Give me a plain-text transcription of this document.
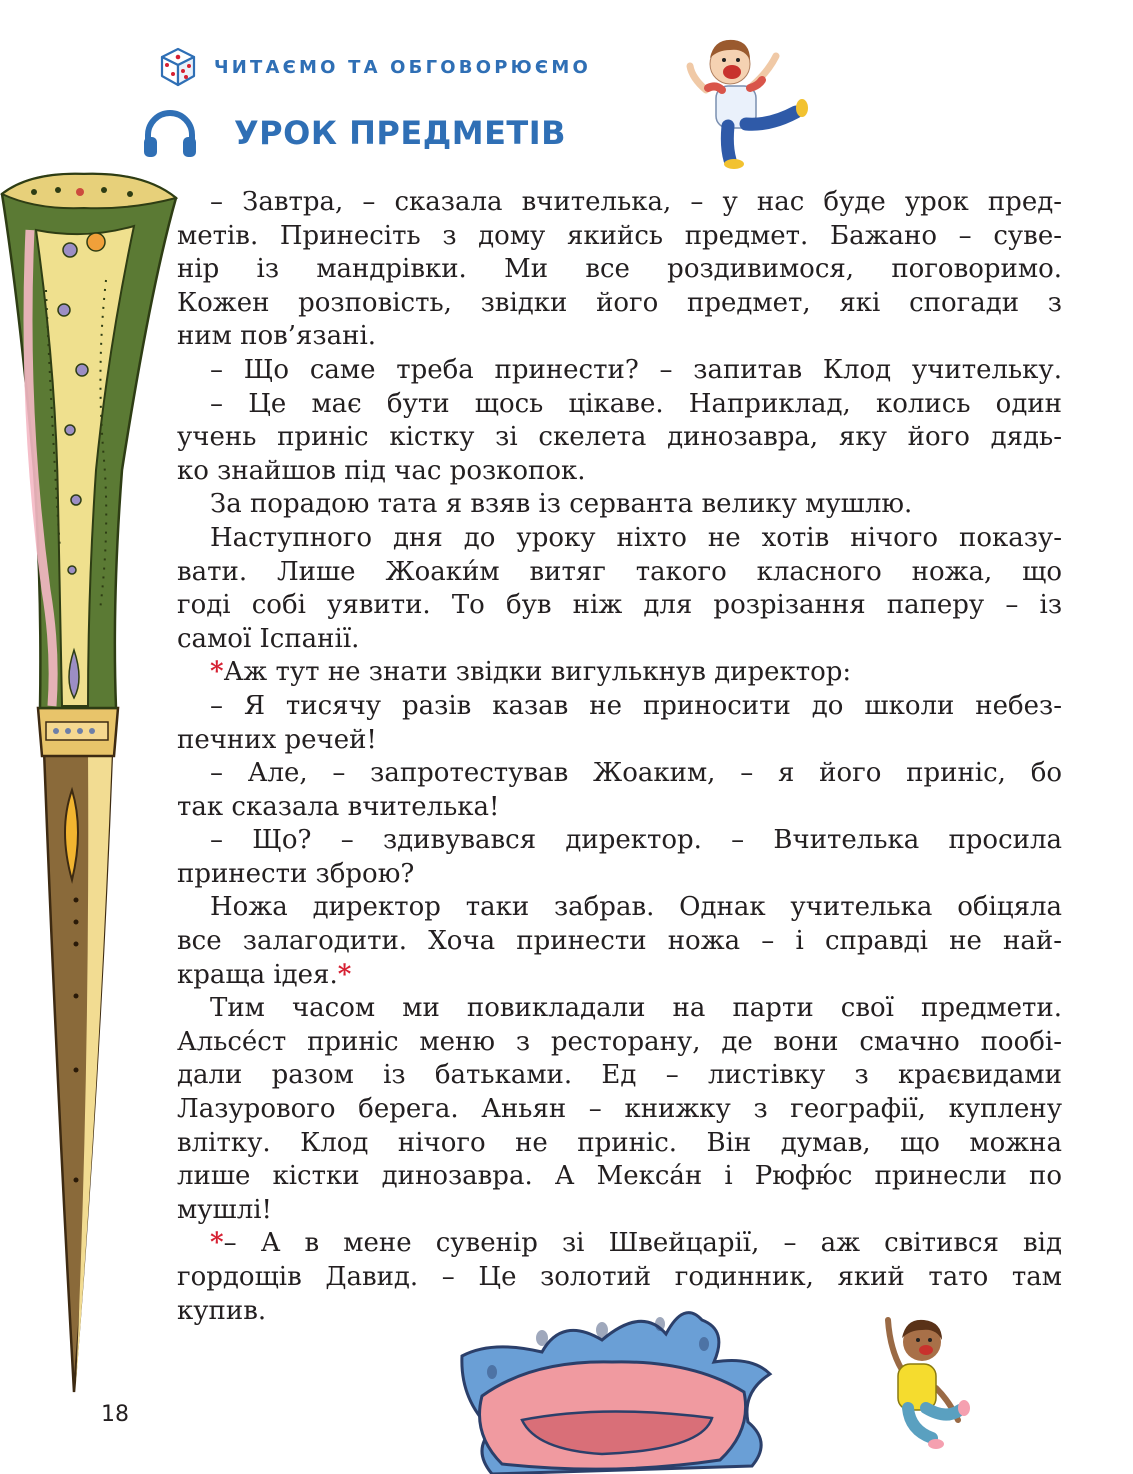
ЧИТАЄМО ТА ОБГОВОРЮЄМО
УРОК ПРЕДМЕТІВ
– Завтра, – сказала вчителька, – у нас буде урок пред-
метів. Принесіть з дому якийсь предмет. Бажано – суве-
нір із мандрівки. Ми все роздивимося, поговоримо.
Кожен розповість, звідки його предмет, які спогади з
ним пов’язані.
– Що саме треба принести? – запитав Клод учительку.
– Це має бути щось цікаве. Наприклад, колись один
учень приніс кістку зі скелета динозавра, яку його дядь-
ко знайшов під час розкопок.
За порадою тата я взяв із серванта велику мушлю.
Наступного дня до уроку ніхто не хотів нічого показу-
вати. Лише Жоаки́м витяг такого класного ножа, що
годі собі уявити. То був ніж для розрізання паперу – із
самої Іспанії.
*Аж тут не знати звідки вигулькнув директор:
– Я тисячу разів казав не приносити до школи небез-
печних речей!
– Але, – запротестував Жоаким, – я його приніс, бо
так сказала вчителька!
– Що? – здивувався директор. – Вчителька просила
принести зброю?
Ножа директор таки забрав. Однак учителька обіцяла
все залагодити. Хоча принести ножа – і справді не най-
краща ідея.*
Тим часом ми повикладали на парти свої предмети.
Альсе́ст приніс меню з ресторану, де вони смачно пообі-
дали разом із батьками. Ед – листівку з краєвидами
Лазурового берега. Аньян – книжку з географії, куплену
влітку. Клод нічого не приніс. Він думав, що можна
лише кістки динозавра. А Мекса́н і Рюфю́с принесли по
мушлі!
*– А в мене сувенір зі Швейцарії, – аж світився від
гордощів Давид. – Це золотий годинник, який тато там
купив.
18
